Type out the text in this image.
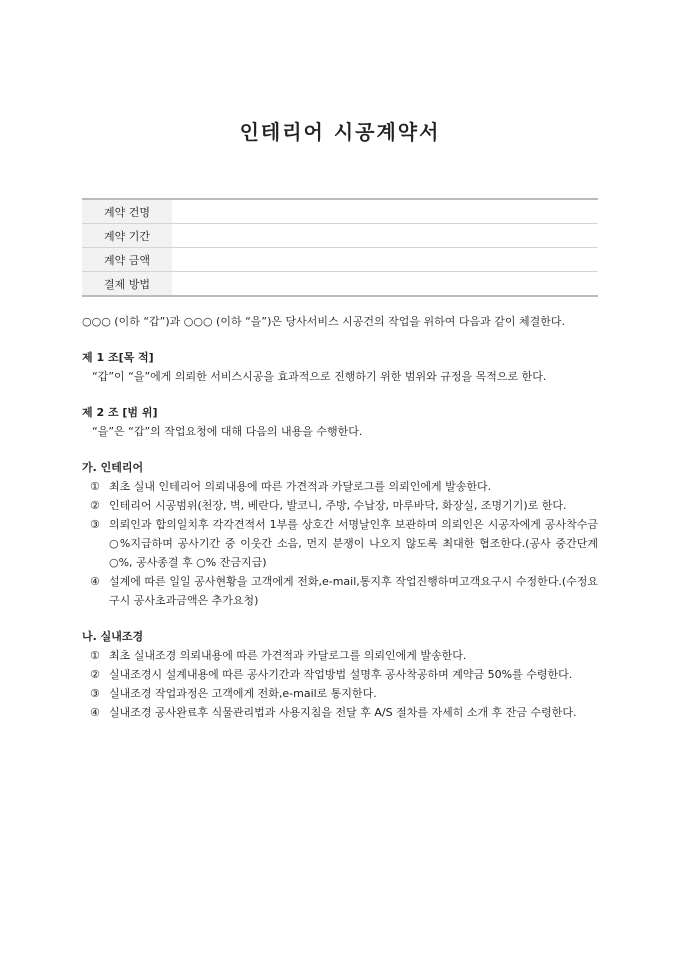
인테리어 시공계약서
계약 건명	
계약 기간	
계약 금액	
결제 방법	

○○○ (이하 “갑”)과 ○○○ (이하 “을”)은 당사서비스 시공건의 작업을 위하여 다음과 같이 체결한다.

제 1 조[목 적]

“갑”이 “을”에게 의뢰한 서비스시공을 효과적으로 진행하기 위한 범위와 규정을 목적으로 한다.

제 2 조 [범 위]

“을”은 “갑”의 작업요청에 대해 다음의 내용을 수행한다.

가. 인테리어

① 최초 실내 인테리어 의뢰내용에 따른 가견적과 카달로그를 의뢰인에게 발송한다.
② 인테리어 시공범위(천장, 벽, 베란다, 발코니, 주방, 수납장, 마루바닥, 화장실, 조명기기)로 한다.
③ 의뢰인과 합의일치후 각각견적서 1부를 상호간 서명날인후 보관하며 의뢰인은 시공자에게 공사착수금 ○%지급하며 공사기간 중 이웃간 소음, 먼지 분쟁이 나오지 않도록 최대한 협조한다.(공사 중간단계 ○%, 공사종결 후 ○% 잔금지급)
④ 설계에 따른 일일 공사현황을 고객에게 전화,e-mail,통지후 작업진행하며고객요구시 수정한다.(수정요구시 공사초과금액은 추가요청)

나. 실내조경

① 최초 실내조경 의뢰내용에 따른 가견적과 카달로그를 의뢰인에게 발송한다.
② 실내조경시 설계내용에 따른 공사기간과 작업방법 설명후 공사착공하며 계약금 50%를 수령한다.
③ 실내조경 작업과정은 고객에게 전화,e-mail로 통지한다.
④ 실내조경 공사완료후 식물관리법과 사용지침을 전달 후 A/S 절차를 자세히 소개 후 잔금 수령한다.
